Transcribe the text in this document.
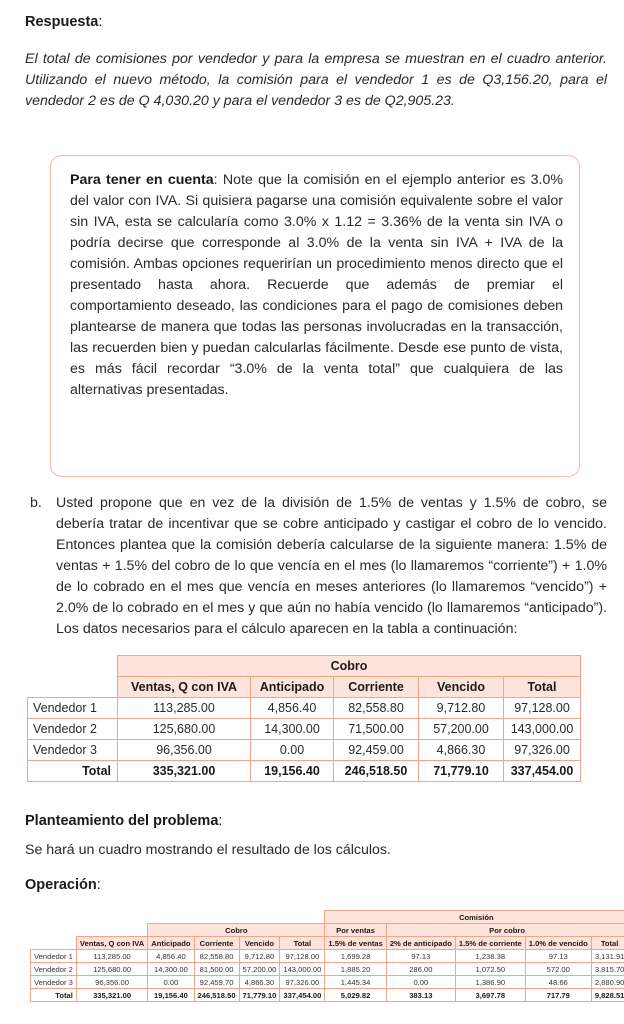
Respuesta:

El total de comisiones por vendedor y para la empresa se muestran en el cuadro anterior. Utilizando el nuevo método, la comisión para el vendedor 1 es de Q3,156.20, para el vendedor 2 es de Q 4,030.20 y para el vendedor 3 es de Q2,905.23.

Para tener en cuenta: Note que la comisión en el ejemplo anterior es 3.0% del valor con IVA. Si quisiera pagarse una comisión equivalente sobre el valor sin IVA, esta se calcularía como 3.0% x 1.12 = 3.36% de la venta sin IVA o podría decirse que corresponde al 3.0% de la venta sin IVA + IVA de la comisión. Ambas opciones requerirían un procedimiento menos directo que el presentado hasta ahora. Recuerde que además de premiar el comportamiento deseado, las condiciones para el pago de comisiones deben plantearse de manera que todas las personas involucradas en la transacción, las recuerden bien y puedan calcularlas fácilmente. Desde ese punto de vista, es más fácil recordar “3.0% de la venta total” que cualquiera de las alternativas presentadas.

b. Usted propone que en vez de la división de 1.5% de ventas y 1.5% de cobro, se debería tratar de incentivar que se cobre anticipado y castigar el cobro de lo vencido. Entonces plantea que la comisión debería calcularse de la siguiente manera: 1.5% de ventas + 1.5% del cobro de lo que vencía en el mes (lo llamaremos “corriente”) + 1.0% de lo cobrado en el mes que vencía en meses anteriores (lo llamaremos “vencido”) + 2.0% de lo cobrado en el mes y que aún no había vencido (lo llamaremos “anticipado”). Los datos necesarios para el cálculo aparecen en la tabla a continuación:
	Cobro				
	Ventas, Q con IVA	Anticipado	Corriente	Vencido	Total
Vendedor 1	113,285.00	4,856.40	82,558.80	9,712.80	97,128.00
Vendedor 2	125,680.00	14,300.00	71,500.00	57,200.00	143,000.00
Vendedor 3	96,356.00	0.00	92,459.00	4,866.30	97,326.00
Total	335,321.00	19,156.40	246,518.50	71,779.10	337,454.00
Planteamiento del problema:
Se hará un cuadro mostrando el resultado de los cálculos.
Operación:
						Comisión				
		Cobro				Por ventas	Por cobro			
	Ventas, Q con IVA	Anticipado	Corriente	Vencido	Total	1.5% de ventas	2% de anticipado	1.5% de corriente	1.0% de vencido	Total
Vendedor 1	113,285.00	4,856.40	82,558.80	9,712.80	97,128.00	1,699.28	97.13	1,238.38	97.13	3,131.91
Vendedor 2	125,680.00	14,300.00	81,500.00	57,200.00	143,000.00	1,885.20	286.00	1,072.50	572.00	3,815.70
Vendedor 3	96,356.00	0.00	92,459.70	4,866.30	97,326.00	1,445.34	0.00	1,386.90	48.66	2,880.90
Total	335,321.00	19,156.40	246,518.50	71,779.10	337,454.00	5,029.82	383.13	3,697.78	717.79	9,828.51
